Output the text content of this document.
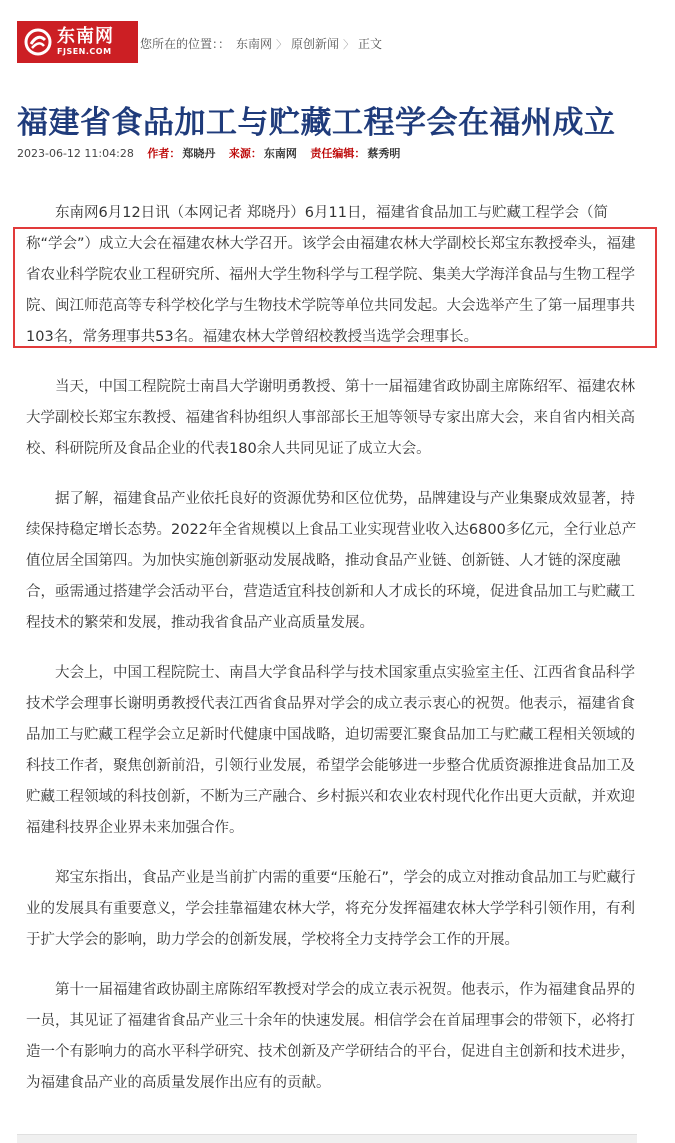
东南网
FJSEN.COM
您所在的位置：： 东南网 〉 原创新闻 〉 正文
福建省食品加工与贮藏工程学会在福州成立
2023-06-12 11:04:28 作者： 郑晓丹 来源： 东南网 责任编辑： 蔡秀明

东南网6月12日讯（本网记者 郑晓丹）6月11日，福建省食品加工与贮藏工程学会（简称“学会”）成立大会在福建农林大学召开。该学会由福建农林大学副校长郑宝东教授牵头，福建省农业科学院农业工程研究所、福州大学生物科学与工程学院、集美大学海洋食品与生物工程学院、闽江师范高等专科学校化学与生物技术学院等单位共同发起。大会选举产生了第一届理事共103名，常务理事共53名。福建农林大学曾绍校教授当选学会理事长。

当天，中国工程院院士南昌大学谢明勇教授、第十一届福建省政协副主席陈绍军、福建农林大学副校长郑宝东教授、福建省科协组织人事部部长王旭等领导专家出席大会，来自省内相关高校、科研院所及食品企业的代表180余人共同见证了成立大会。

据了解，福建食品产业依托良好的资源优势和区位优势，品牌建设与产业集聚成效显著，持续保持稳定增长态势。2022年全省规模以上食品工业实现营业收入达6800多亿元，全行业总产值位居全国第四。为加快实施创新驱动发展战略，推动食品产业链、创新链、人才链的深度融合，亟需通过搭建学会活动平台，营造适宜科技创新和人才成长的环境，促进食品加工与贮藏工程技术的繁荣和发展，推动我省食品产业高质量发展。

大会上，中国工程院院士、南昌大学食品科学与技术国家重点实验室主任、江西省食品科学技术学会理事长谢明勇教授代表江西省食品界对学会的成立表示衷心的祝贺。他表示，福建省食品加工与贮藏工程学会立足新时代健康中国战略，迫切需要汇聚食品加工与贮藏工程相关领域的科技工作者，聚焦创新前沿，引领行业发展，希望学会能够进一步整合优质资源推进食品加工及贮藏工程领域的科技创新，不断为三产融合、乡村振兴和农业农村现代化作出更大贡献，并欢迎福建科技界企业界未来加强合作。

郑宝东指出，食品产业是当前扩内需的重要“压舱石”，学会的成立对推动食品加工与贮藏行业的发展具有重要意义，学会挂靠福建农林大学，将充分发挥福建农林大学学科引领作用，有利于扩大学会的影响，助力学会的创新发展，学校将全力支持学会工作的开展。

第十一届福建省政协副主席陈绍军教授对学会的成立表示祝贺。他表示，作为福建食品界的一员，其见证了福建省食品产业三十余年的快速发展。相信学会在首届理事会的带领下，必将打造一个有影响力的高水平科学研究、技术创新及产学研结合的平台，促进自主创新和技术进步，为福建食品产业的高质量发展作出应有的贡献。
